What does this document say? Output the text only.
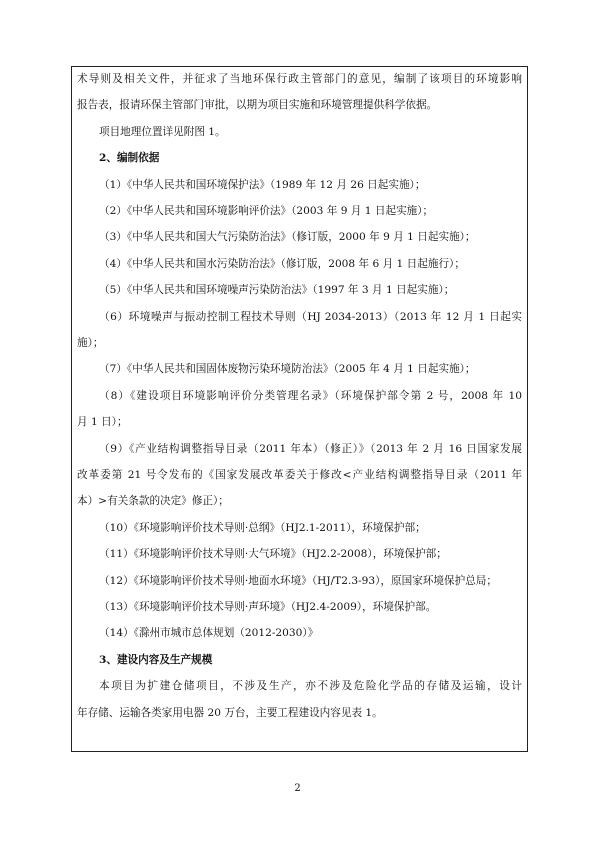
术导则及相关文件，并征求了当地环保行政主管部门的意见，编制了该项目的环境影响
报告表，报请环保主管部门审批，以期为项目实施和环境管理提供科学依据。
项目地理位置详见附图 1。
2、编制依据
（1）《中华人民共和国环境保护法》（1989 年 12 月 26 日起实施）；
（2）《中华人民共和国环境影响评价法》（2003 年 9 月 1 日起实施）；
（3）《中华人民共和国大气污染防治法》（修订版，2000 年 9 月 1 日起实施）；
（4）《中华人民共和国水污染防治法》（修订版，2008 年 6 月 1 日起施行）；
（5）《中华人民共和国环境噪声污染防治法》（1997 年 3 月 1 日起实施）；
（6）环境噪声与振动控制工程技术导则（HJ 2034-2013）（2013 年 12 月 1 日起实
施）；
（7）《中华人民共和国固体废物污染环境防治法》（2005 年 4 月 1 日起实施）；
（8）《建设项目环境影响评价分类管理名录》（环境保护部令第 2 号，2008 年 10
月 1 日）；
（9）《产业结构调整指导目录（2011 年本）（修正）》（2013 年 2 月 16 日国家发展
改革委第 21 号令发布的《国家发展改革委关于修改<产业结构调整指导目录（2011 年
本）>有关条款的决定》修正）；
（10）《环境影响评价技术导则·总纲》（HJ2.1-2011），环境保护部；
（11）《环境影响评价技术导则·大气环境》（HJ2.2-2008），环境保护部；
（12）《环境影响评价技术导则·地面水环境》（HJ/T2.3-93），原国家环境保护总局；
（13）《环境影响评价技术导则·声环境》（HJ2.4-2009），环境保护部。
（14）《滁州市城市总体规划（2012-2030）》
3、建设内容及生产规模
本项目为扩建仓储项目，不涉及生产，亦不涉及危险化学品的存储及运输，设计
年存储、运输各类家用电器 20 万台，主要工程建设内容见表 1。
2
